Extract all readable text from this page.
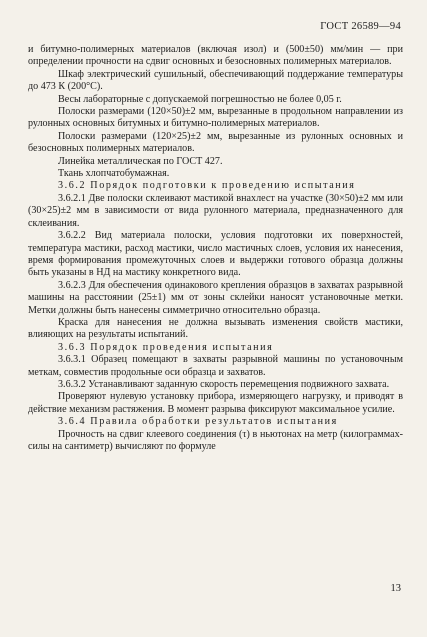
ГОСТ 26589—94

и битумно-полимерных материалов (включая изол) и (500±50) мм/мин — при определении прочности на сдвиг основных и безосновных полимерных материалов.

Шкаф электрический сушильный, обеспечивающий поддержание температуры до 473 К (200°С).

Весы лабораторные с допускаемой погрешностью не более 0,05 г.

Полоски размерами (120×50)±2 мм, вырезанные в продольном направлении из рулонных основных битумных и битумно-полимерных материалов.

Полоски размерами (120×25)±2 мм, вырезанные из рулонных основных и безосновных полимерных материалов.

Линейка металлическая по ГОСТ 427.

Ткань хлопчатобумажная.

3.6.2 Порядок подготовки к проведению испытания

3.6.2.1 Две полоски склеивают мастикой внахлест на участке (30×50)±2 мм или (30×25)±2 мм в зависимости от вида рулонного материала, предназначенного для склеивания.

3.6.2.2 Вид материала полоски, условия подготовки их поверхностей, температура мастики, расход мастики, число мастичных слоев, условия их нанесения, время формирования промежуточных слоев и выдержки готового образца должны быть указаны в НД на мастику конкретного вида.

3.6.2.3 Для обеспечения одинакового крепления образцов в захватах разрывной машины на расстоянии (25±1) мм от зоны склейки наносят установочные метки. Метки должны быть нанесены симметрично относительно образца.

Краска для нанесения не должна вызывать изменения свойств мастики, влияющих на результаты испытаний.

3.6.3 Порядок проведения испытания

3.6.3.1 Образец помещают в захваты разрывной машины по установочным меткам, совместив продольные оси образца и захватов.

3.6.3.2 Устанавливают заданную скорость перемещения подвижного захвата.

Проверяют нулевую установку прибора, измеряющего нагрузку, и приводят в действие механизм растяжения. В момент разрыва фиксируют максимальное усилие.

3.6.4 Правила обработки результатов испытания

Прочность на сдвиг клеевого соединения (τ) в ньютонах на метр (килограммах-силы на сантиметр) вычисляют по формуле

13
